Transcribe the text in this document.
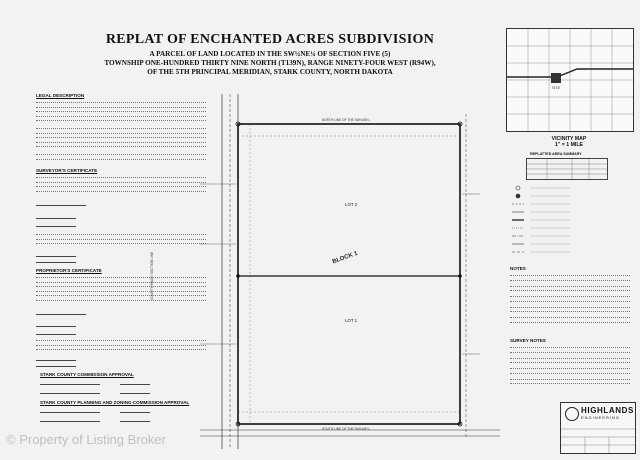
REPLAT OF ENCHANTED ACRES SUBDIVISION
A PARCEL OF LAND LOCATED IN THE SW¼NE¼ OF SECTION FIVE (5)
TOWNSHIP ONE-HUNDRED THIRTY NINE NORTH (T139N), RANGE NINETY-FOUR WEST (R94W),
OF THE 5TH PRINCIPAL MERIDIAN, STARK COUNTY, NORTH DAKOTA
LEGAL DESCRIPTION
SURVEYOR'S CERTIFICATE
PROPRIETOR'S CERTIFICATE
STARK COUNTY COMMISSION APPROVAL
STARK COUNTY PLANNING AND ZONING COMMISSION APPROVAL
BLOCK 1
LOT 2
LOT 1
NORTH LINE OF THE SW¼NE¼
SOUTH LINE OF THE SW¼NE¼
COUNTY ROAD / SECTION LINE
SITE
VICINITY MAP
1" = 1 MILE
REPLATTED AREA SUMMARY
NOTES
SURVEY NOTES
HIGHLANDS
ENGINEERING
© Property of Listing Broker
